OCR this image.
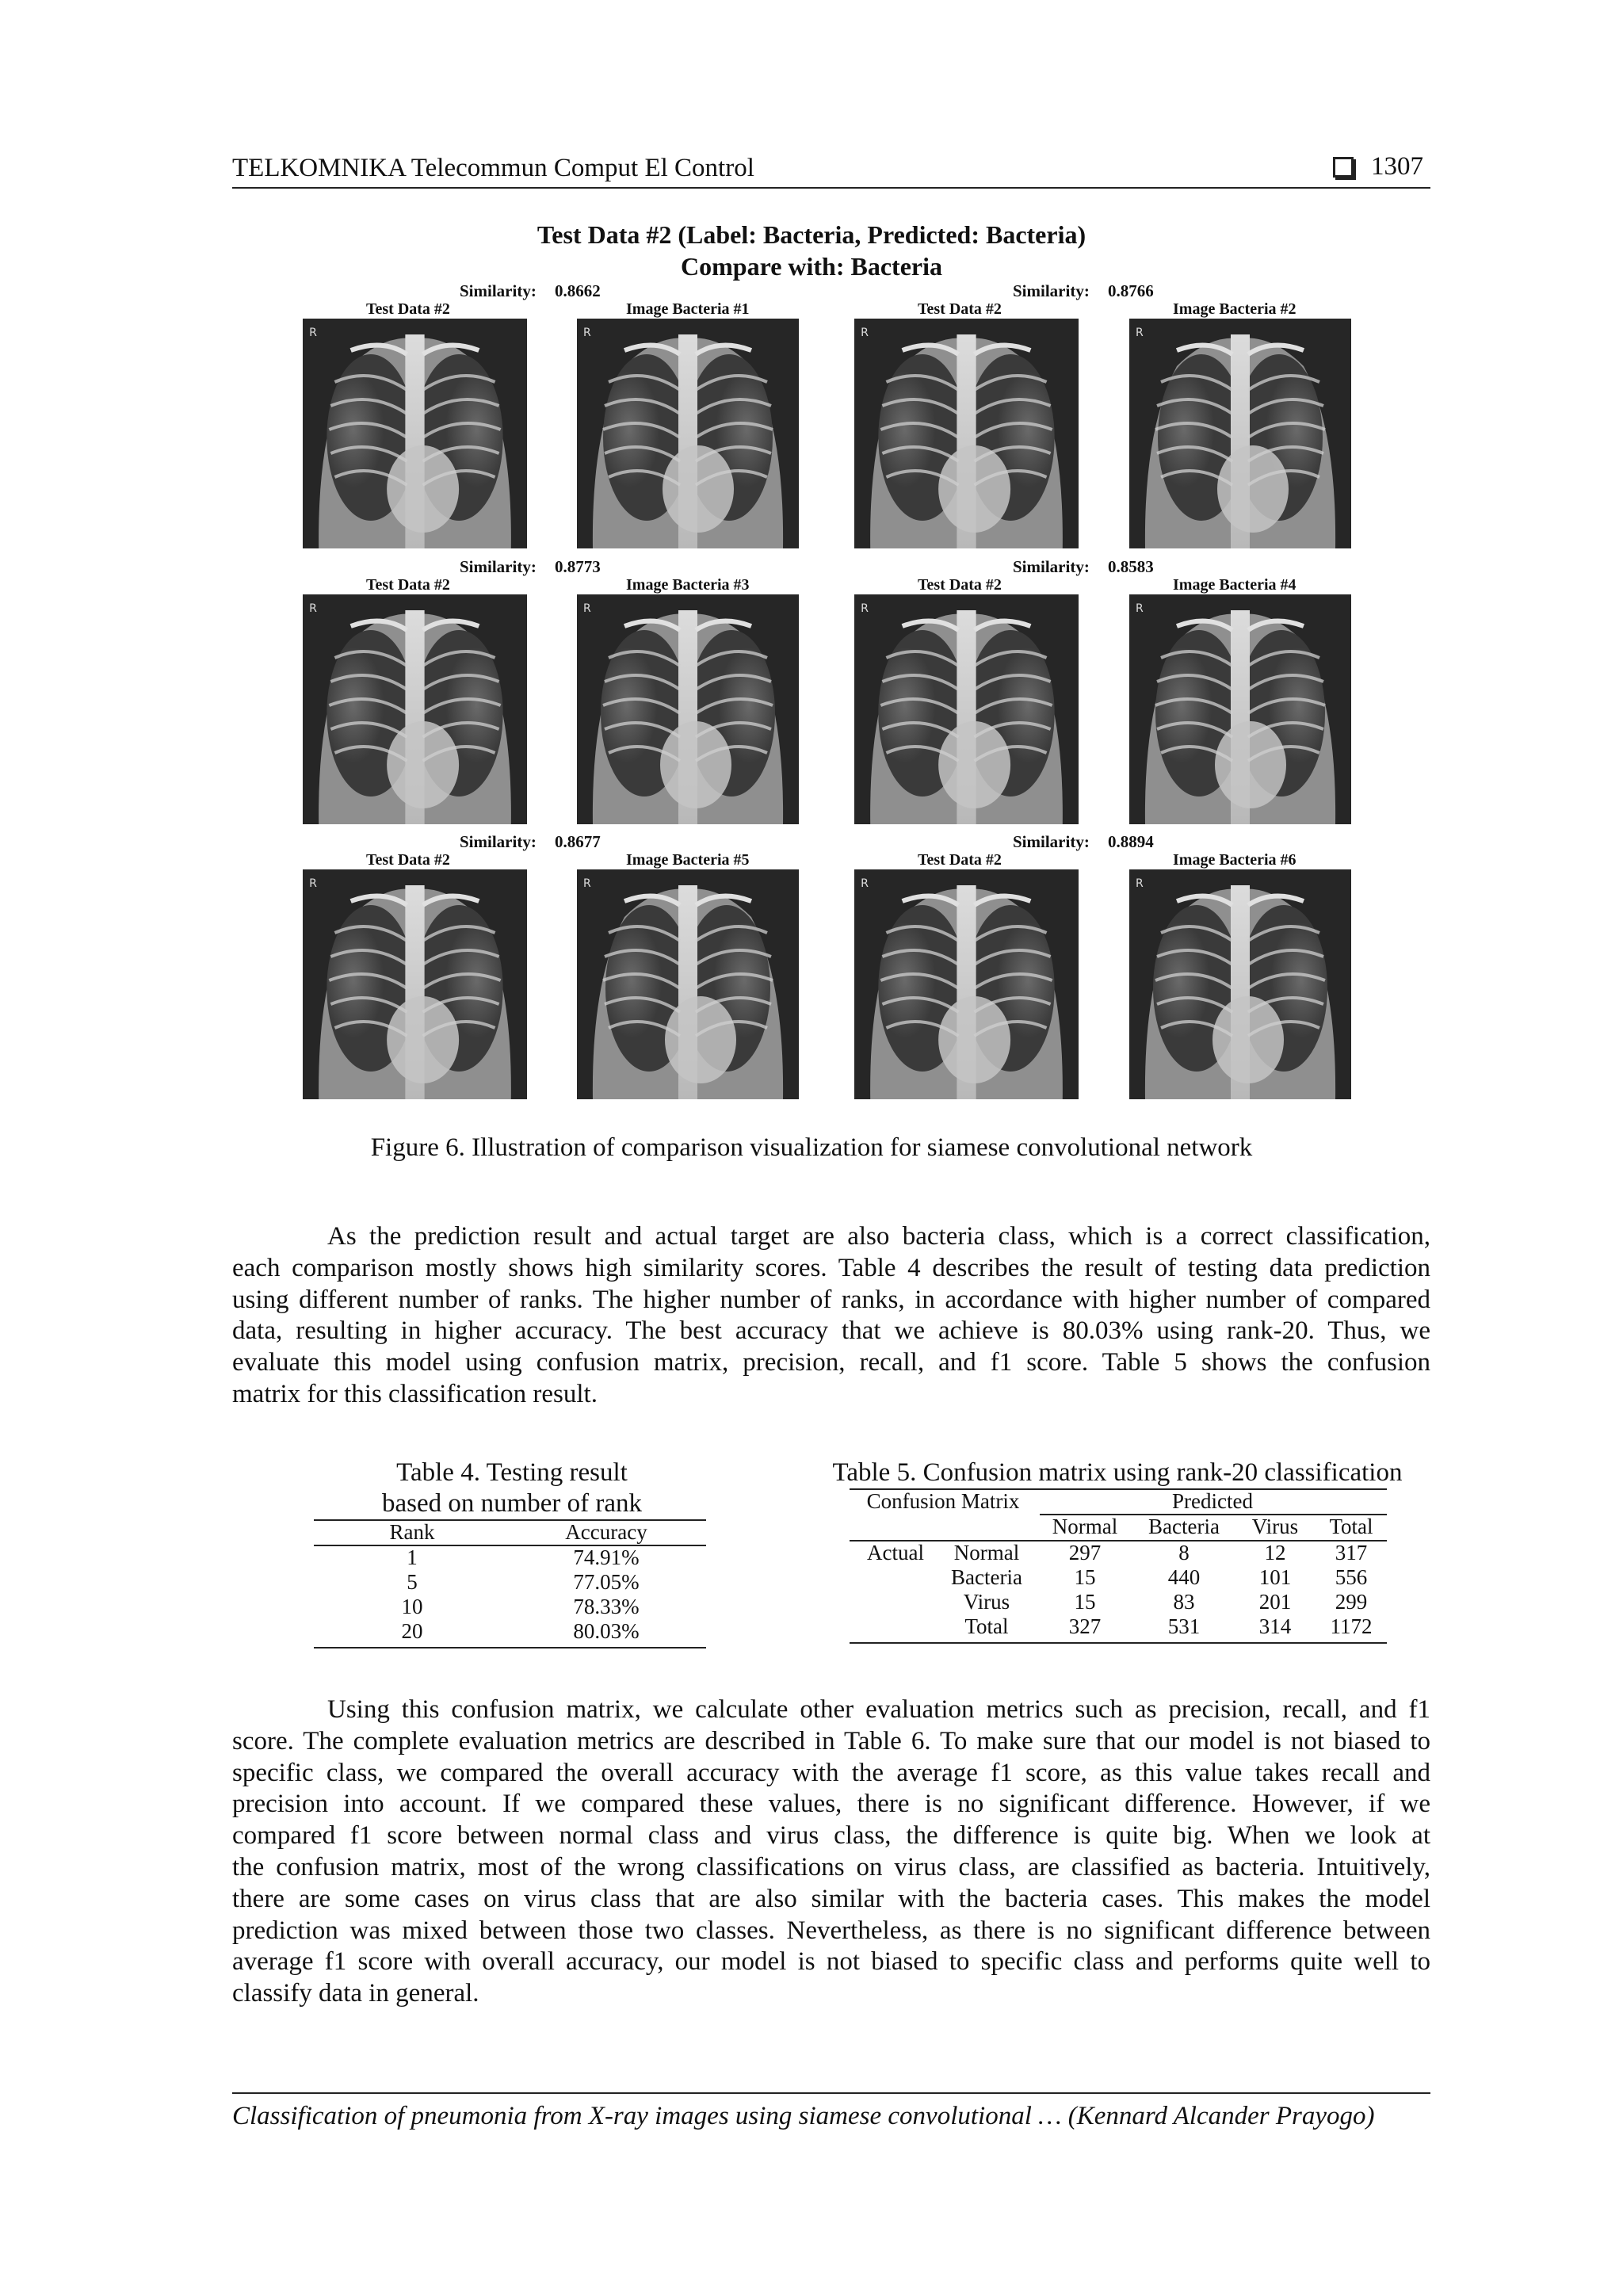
TELKOMNIKA Telecommun Comput El Control	1307
Test Data #2 (Label: Bacteria, Predicted: Bacteria)
Compare with: Bacteria
Similarity: 0.8662
Test Data #2	Image Bacteria #1
R	R
Similarity: 0.8766
Test Data #2	Image Bacteria #2
R	R
Similarity: 0.8773
Test Data #2	Image Bacteria #3
R	R
Similarity: 0.8583
Test Data #2	Image Bacteria #4
R	R
Similarity: 0.8677
Test Data #2	Image Bacteria #5
R	R
Similarity: 0.8894
Test Data #2	Image Bacteria #6
R	R
Figure 6. Illustration of comparison visualization for siamese convolutional network
As the prediction result and actual target are also bacteria class, which is a correct classification,
each comparison mostly shows high similarity scores. Table 4 describes the result of testing data prediction
using different number of ranks. The higher number of ranks, in accordance with higher number of compared
data, resulting in higher accuracy. The best accuracy that we achieve is 80.03% using rank-20. Thus, we
evaluate this model using confusion matrix, precision, recall, and f1 score. Table 5 shows the confusion
matrix for this classification result.
Table 4. Testing result
based on number of rank
Rank	Accuracy
1	74.91%
5	77.05%
10	78.33%
20	80.03%
Table 5. Confusion matrix using rank-20 classification
Confusion Matrix	Predicted
Normal	Bacteria	Virus	Total
Actual	Normal	297	8	12	317
Bacteria	15	440	101	556
Virus	15	83	201	299
Total	327	531	314	1172
Using this confusion matrix, we calculate other evaluation metrics such as precision, recall, and f1
score. The complete evaluation metrics are described in Table 6. To make sure that our model is not biased to
specific class, we compared the overall accuracy with the average f1 score, as this value takes recall and
precision into account. If we compared these values, there is no significant difference. However, if we
compared f1 score between normal class and virus class, the difference is quite big. When we look at
the confusion matrix, most of the wrong classifications on virus class, are classified as bacteria. Intuitively,
there are some cases on virus class that are also similar with the bacteria cases. This makes the model
prediction was mixed between those two classes. Nevertheless, as there is no significant difference between
average f1 score with overall accuracy, our model is not biased to specific class and performs quite well to
classify data in general.
Classification of pneumonia from X-ray images using siamese convolutional … (Kennard Alcander Prayogo)
